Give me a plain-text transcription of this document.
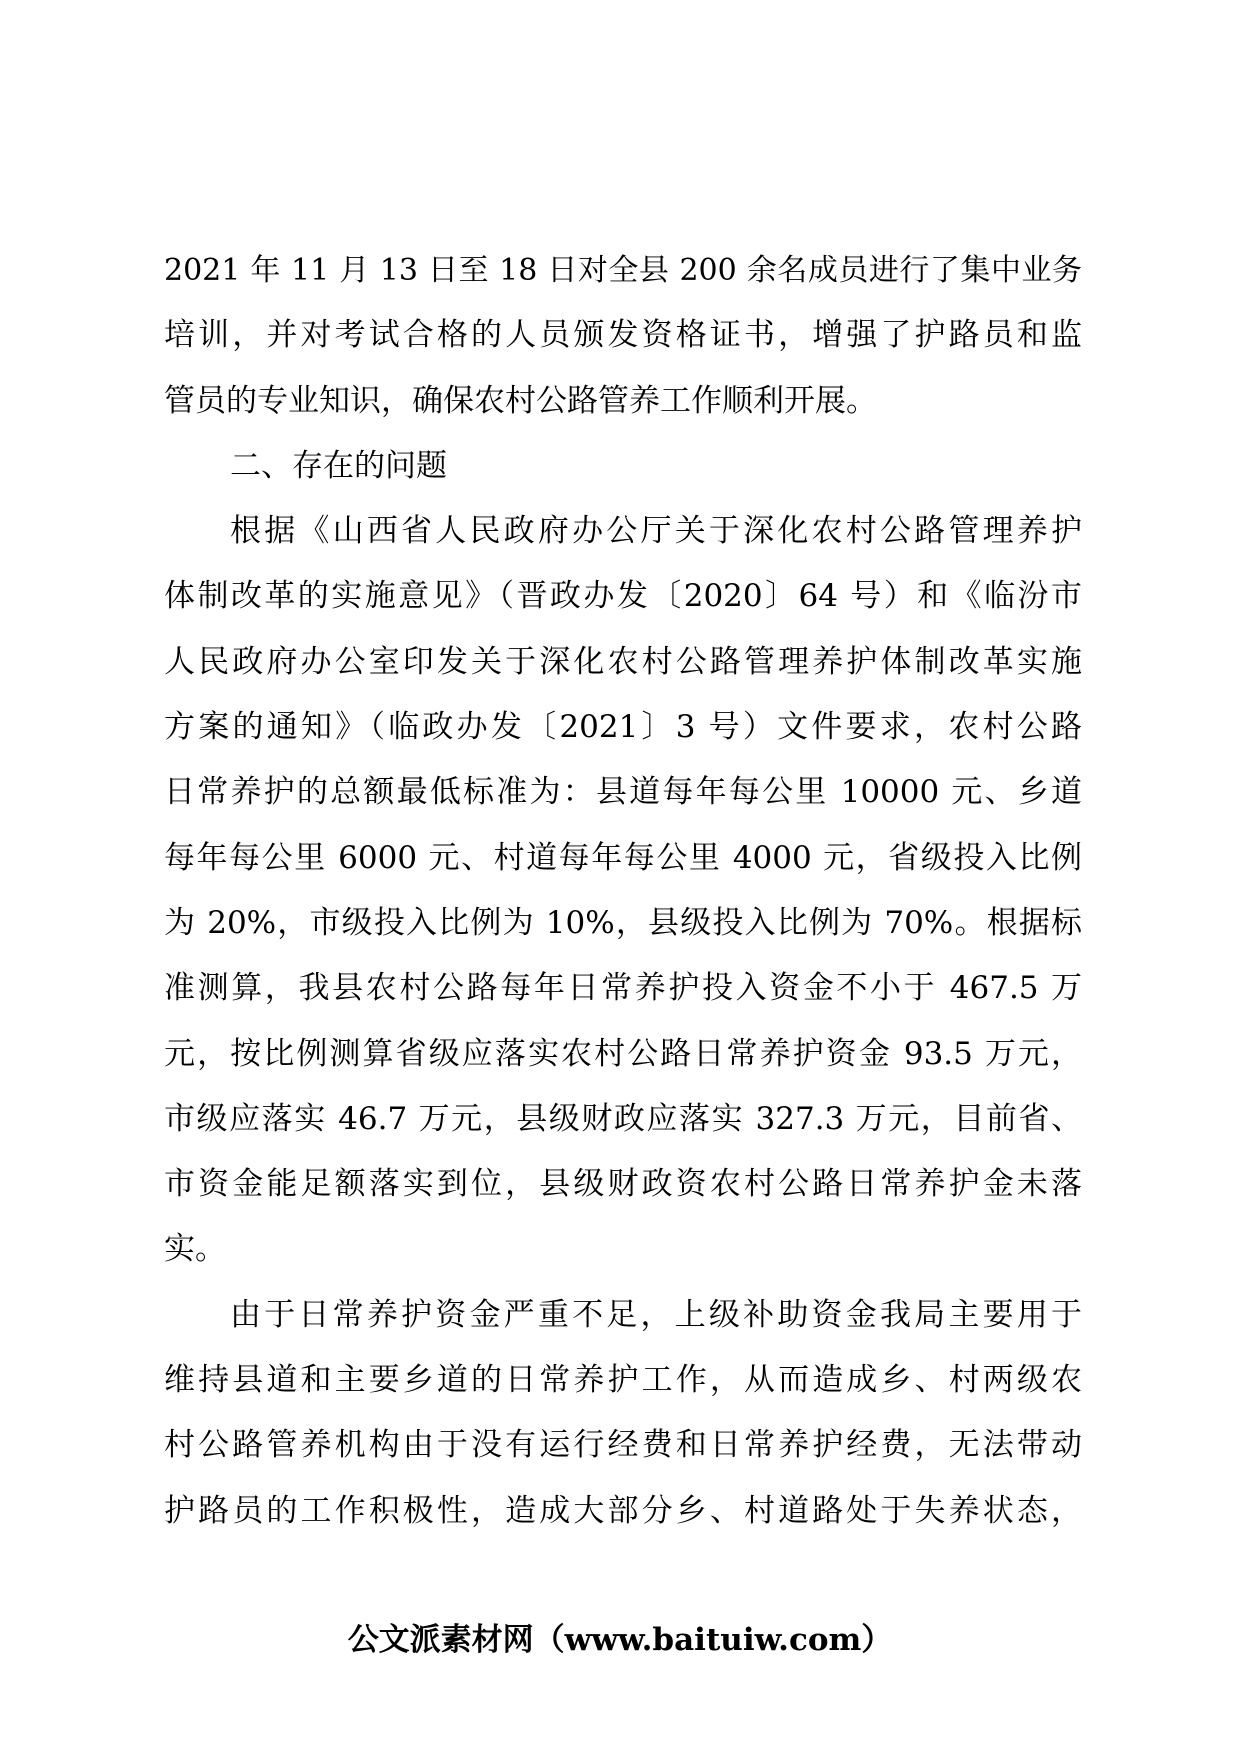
2021 年 11 月 13 日至 18 日对全县 200 余名成员进行了集中业务
培训，并对考试合格的人员颁发资格证书，增强了护路员和监
管员的专业知识，确保农村公路管养工作顺利开展。
二、存在的问题
根据《山西省人民政府办公厅关于深化农村公路管理养护
体制改革的实施意见》（晋政办发〔2020〕64 号）和《临汾市
人民政府办公室印发关于深化农村公路管理养护体制改革实施
方案的通知》（临政办发〔2021〕3 号）文件要求，农村公路
日常养护的总额最低标准为：县道每年每公里 10000 元、乡道
每年每公里 6000 元、村道每年每公里 4000 元，省级投入比例
为 20%，市级投入比例为 10%，县级投入比例为 70%。根据标
准测算，我县农村公路每年日常养护投入资金不小于 467.5 万
元，按比例测算省级应落实农村公路日常养护资金 93.5 万元，
市级应落实 46.7 万元，县级财政应落实 327.3 万元，目前省、
市资金能足额落实到位，县级财政资农村公路日常养护金未落
实。
由于日常养护资金严重不足，上级补助资金我局主要用于
维持县道和主要乡道的日常养护工作，从而造成乡、村两级农
村公路管养机构由于没有运行经费和日常养护经费，无法带动
护路员的工作积极性，造成大部分乡、村道路处于失养状态，
公文派素材网（www.baituiw.com）
